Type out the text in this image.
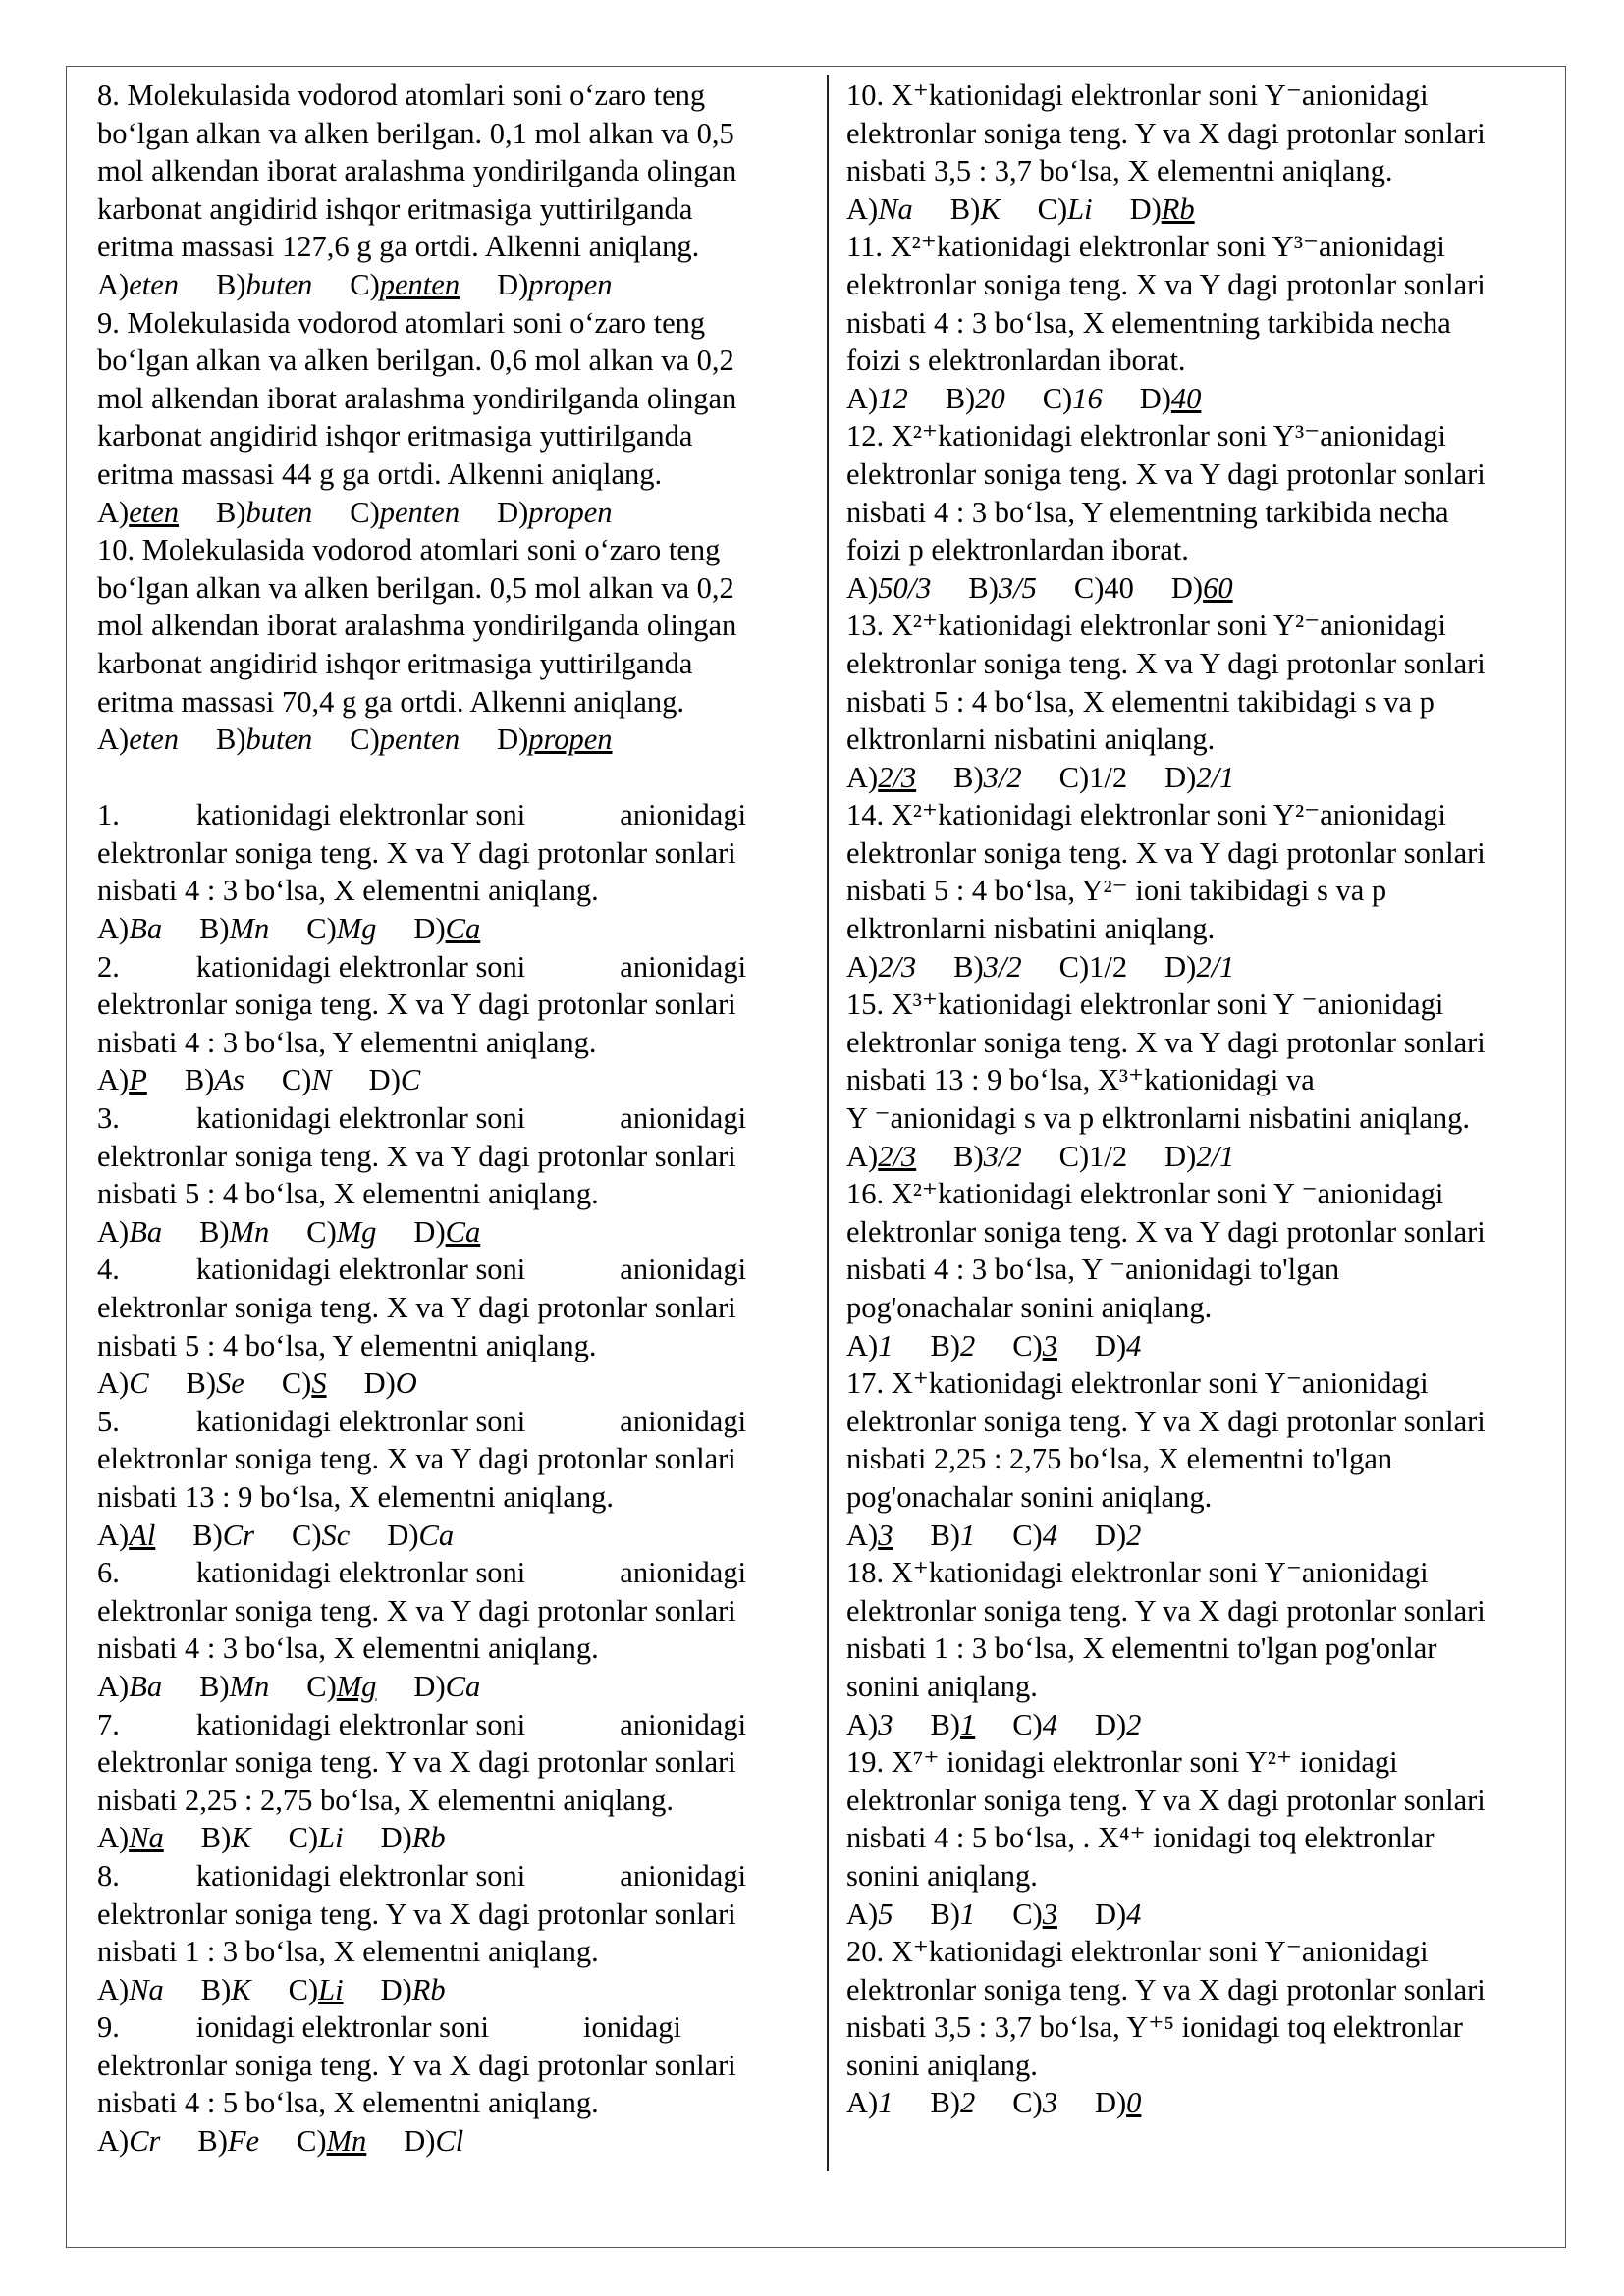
8. Molekulasida vodorod atomlari soni o‘zaro teng
bo‘lgan alkan va alken berilgan. 0,1 mol alkan va 0,5
mol alkendan iborat aralashma yondirilganda olingan
karbonat angidirid ishqor eritmasiga yuttirilganda
eritma massasi 127,6 g ga ortdi. Alkenni aniqlang.
A)eten B)butenC)penten D)propen
9. Molekulasida vodorod atomlari soni o‘zaro teng
bo‘lgan alkan va alken berilgan. 0,6 mol alkan va 0,2
mol alkendan iborat aralashma yondirilganda olingan
karbonat angidirid ishqor eritmasiga yuttirilganda
eritma massasi 44 g ga ortdi. Alkenni aniqlang.
A)eten B)buten C)penten D)propen
10. Molekulasida vodorod atomlari soni o‘zaro teng
bo‘lgan alkan va alken berilgan. 0,5 mol alkan va 0,2
mol alkendan iborat aralashma yondirilganda olingan
karbonat angidirid ishqor eritmasiga yuttirilganda
eritma massasi 70,4 g ga ortdi. Alkenni aniqlang.
A)eten B)buten C)penten D)propen
1.	kationidagi elektronlar soni	anionidagi
elektronlar soniga teng. X va Y dagi protonlar sonlari
nisbati 4 : 3 bo‘lsa, X elementni aniqlang.
A)Ba B)Mn C)Mg D)Ca
2.	kationidagi elektronlar soni	anionidagi
elektronlar soniga teng. X va Y dagi protonlar sonlari
nisbati 4 : 3 bo‘lsa, Y elementni aniqlang.
A)P B)As C)N D)C
3.	kationidagi elektronlar soni	anionidagi
elektronlar soniga teng. X va Y dagi protonlar sonlari
nisbati 5 : 4 bo‘lsa, X elementni aniqlang.
A)Ba B)Mn C)Mg D)Ca
4.	kationidagi elektronlar soni	anionidagi
elektronlar soniga teng. X va Y dagi protonlar sonlari
nisbati 5 : 4 bo‘lsa, Y elementni aniqlang.
A)C B)Se C)S D)O
5.	kationidagi elektronlar soni	anionidagi
elektronlar soniga teng. X va Y dagi protonlar sonlari
nisbati 13 : 9 bo‘lsa, X elementni aniqlang.
A)Al B)Cr C)Sc D)Ca
6.	kationidagi elektronlar soni	anionidagi
elektronlar soniga teng. X va Y dagi protonlar sonlari
nisbati 4 : 3 bo‘lsa, X elementni aniqlang.
A)Ba B)Mn C)Mg D)Ca
7.	kationidagi elektronlar soni	anionidagi
elektronlar soniga teng. Y va X dagi protonlar sonlari
nisbati 2,25 : 2,75 bo‘lsa, X elementni aniqlang.
A)Na B)K C)Li D)Rb
8.	kationidagi elektronlar soni	anionidagi
elektronlar soniga teng. Y va X dagi protonlar sonlari
nisbati 1 : 3 bo‘lsa, X elementni aniqlang.
A)Na B)K C)Li D)Rb
9.	ionidagi elektronlar soni	ionidagi
elektronlar soniga teng. Y va X dagi protonlar sonlari
nisbati 4 : 5 bo‘lsa, X elementni aniqlang.
A)Cr B)Fe C)Mn D)Cl
10. X⁺kationidagi elektronlar soni Y⁻anionidagi
elektronlar soniga teng. Y va X dagi protonlar sonlari
nisbati 3,5 : 3,7 bo‘lsa, X elementni aniqlang.
A)Na B)K C)Li D)Rb
11. X²⁺kationidagi elektronlar soni Y³⁻anionidagi
elektronlar soniga teng. X va Y dagi protonlar sonlari
nisbati 4 : 3 bo‘lsa, X elementning tarkibida necha
foizi s elektronlardan iborat.
A)12 B)20 C)16 D)40
12. X²⁺kationidagi elektronlar soni Y³⁻anionidagi
elektronlar soniga teng. X va Y dagi protonlar sonlari
nisbati 4 : 3 bo‘lsa, Y elementning tarkibida necha
foizi p elektronlardan iborat.
A)50/3 B)3/5 C)40 D)60
13. X²⁺kationidagi elektronlar soni Y²⁻anionidagi
elektronlar soniga teng. X va Y dagi protonlar sonlari
nisbati 5 : 4 bo‘lsa, X elementni takibidagi s va p
elktronlarni nisbatini aniqlang.
A)2/3 B)3/2 C)1/2 D)2/1
14. X²⁺kationidagi elektronlar soni Y²⁻anionidagi
elektronlar soniga teng. X va Y dagi protonlar sonlari
nisbati 5 : 4 bo‘lsa, Y²⁻ ioni takibidagi s va p
elktronlarni nisbatini aniqlang.
A)2/3 B)3/2 C)1/2 D)2/1
15. X³⁺kationidagi elektronlar soni Y ⁻anionidagi
elektronlar soniga teng. X va Y dagi protonlar sonlari
nisbati 13 : 9 bo‘lsa, X³⁺kationidagi va
Y ⁻anionidagi s va p elktronlarni nisbatini aniqlang.
A)2/3 B)3/2 C)1/2 D)2/1
16. X²⁺kationidagi elektronlar soni Y ⁻anionidagi
elektronlar soniga teng. X va Y dagi protonlar sonlari
nisbati 4 : 3 bo‘lsa, Y ⁻anionidagi to'lgan
pog'onachalar sonini aniqlang.
A)1 B)2 C)3 D)4
17. X⁺kationidagi elektronlar soni Y⁻anionidagi
elektronlar soniga teng. Y va X dagi protonlar sonlari
nisbati 2,25 : 2,75 bo‘lsa, X elementni to'lgan
pog'onachalar sonini aniqlang.
A)3 B)1 C)4 D)2
18. X⁺kationidagi elektronlar soni Y⁻anionidagi
elektronlar soniga teng. Y va X dagi protonlar sonlari
nisbati 1 : 3 bo‘lsa, X elementni to'lgan pog'onlar
sonini aniqlang.
A)3 B)1 C)4 D)2
19. X⁷⁺ ionidagi elektronlar soni Y²⁺ ionidagi
elektronlar soniga teng. Y va X dagi protonlar sonlari
nisbati 4 : 5 bo‘lsa, . X⁴⁺ ionidagi toq elektronlar
sonini aniqlang.
A)5 B)1 C)3 D)4
20. X⁺kationidagi elektronlar soni Y⁻anionidagi
elektronlar soniga teng. Y va X dagi protonlar sonlari
nisbati 3,5 : 3,7 bo‘lsa, Y⁺⁵ ionidagi toq elektronlar
sonini aniqlang.
A)1 B)2 C)3 D)0
